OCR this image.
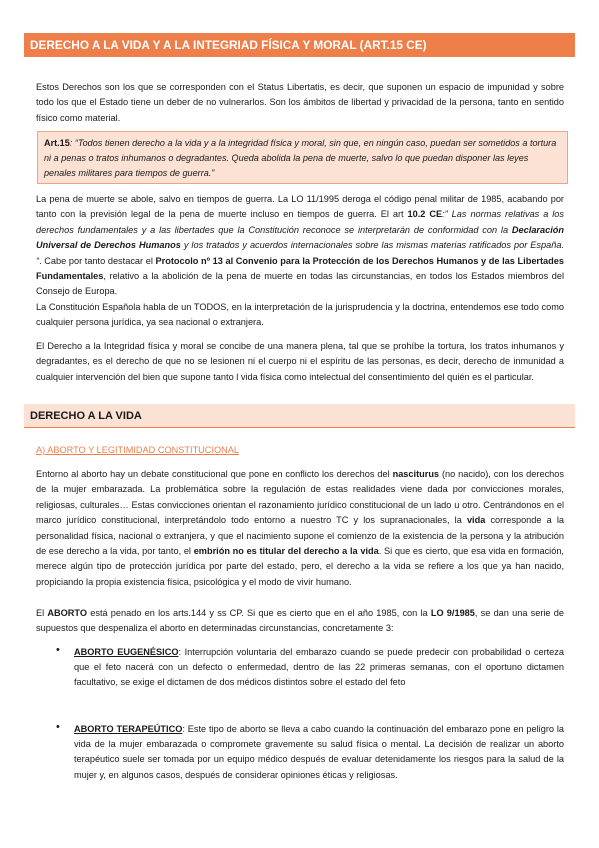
DERECHO A LA VIDA Y A LA INTEGRIAD FÍSICA Y MORAL (ART.15 CE)
Estos Derechos son los que se corresponden con el Status Libertatis, es decir, que suponen un espacio de impunidad y sobre todo los que el Estado tiene un deber de no vulnerarlos. Son los ámbitos de libertad y privacidad de la persona, tanto en sentido físico como material.
Art.15: “Todos tienen derecho a la vida y a la integridad física y moral, sin que, en ningún caso, puedan ser sometidos a tortura ni a penas o tratos inhumanos o degradantes. Queda abolida la pena de muerte, salvo lo que puedan disponer las leyes penales militares para tiempos de guerra.”
La pena de muerte se abole, salvo en tiempos de guerra. La LO 11/1995 deroga el código penal militar de 1985, acabando por tanto con la previsión legal de la pena de muerte incluso en tiempos de guerra. El art 10.2 CE:” Las normas relativas a los derechos fundamentales y a las libertades que la Constitución reconoce se interpretarán de conformidad con la Declaración Universal de Derechos Humanos y los tratados y acuerdos internacionales sobre las mismas materias ratificados por España. “. Cabe por tanto destacar el Protocolo nº 13 al Convenio para la Protección de los Derechos Humanos y de las Libertades Fundamentales, relativo a la abolición de la pena de muerte en todas las circunstancias, en todos los Estados miembros del Consejo de Europa.
La Constitución Española habla de un TODOS, en la interpretación de la jurisprudencia y la doctrina, entendemos ese todo como cualquier persona jurídica, ya sea nacional o extranjera.
El Derecho a la Integridad física y moral se concibe de una manera plena, tal que se prohíbe la tortura, los tratos inhumanos y degradantes, es el derecho de que no se lesionen ni el cuerpo ni el espíritu de las personas, es decir, derecho de inmunidad a cualquier intervención del bien que supone tanto l vida física como intelectual del consentimiento del quién es el particular.
DERECHO A LA VIDA
A) ABORTO Y LEGITIMIDAD CONSTITUCIONAL
Entorno al aborto hay un debate constitucional que pone en conflicto los derechos del nasciturus (no nacido), con los derechos de la mujer embarazada. La problemática sobre la regulación de estas realidades viene dada por convicciones morales, religiosas, culturales… Estas convicciones orientan el razonamiento jurídico constitucional de un lado u otro. Centrándonos en el marco jurídico constitucional, interpretándolo todo entorno a nuestro TC y los supranacionales, la vida corresponde a la personalidad física, nacional o extranjera, y que el nacimiento supone el comienzo de la existencia de la persona y la atribución de ese derecho a la vida, por tanto, el embrión no es titular del derecho a la vida. Si que es cierto, que esa vida en formación, merece algún tipo de protección jurídica por parte del estado, pero, el derecho a la vida se refiere a los que ya han nacido, propiciando la propia existencia física, psicológica y el modo de vivir humano.
El ABORTO está penado en los arts.144 y ss CP. Si que es cierto que en el año 1985, con la LO 9/1985, se dan una serie de supuestos que despenaliza el aborto en determinadas circunstancias, concretamente 3:
• ABORTO EUGENÉSICO: Interrupción voluntaria del embarazo cuando se puede predecir con probabilidad o certeza que el feto nacerá con un defecto o enfermedad, dentro de las 22 primeras semanas, con el oportuno dictamen facultativo, se exige el dictamen de dos médicos distintos sobre el estado del feto
• ABORTO TERAPEÚTICO: Este tipo de aborto se lleva a cabo cuando la continuación del embarazo pone en peligro la vida de la mujer embarazada o compromete gravemente su salud física o mental. La decisión de realizar un aborto terapéutico suele ser tomada por un equipo médico después de evaluar detenidamente los riesgos para la salud de la mujer y, en algunos casos, después de considerar opiniones éticas y religiosas.
